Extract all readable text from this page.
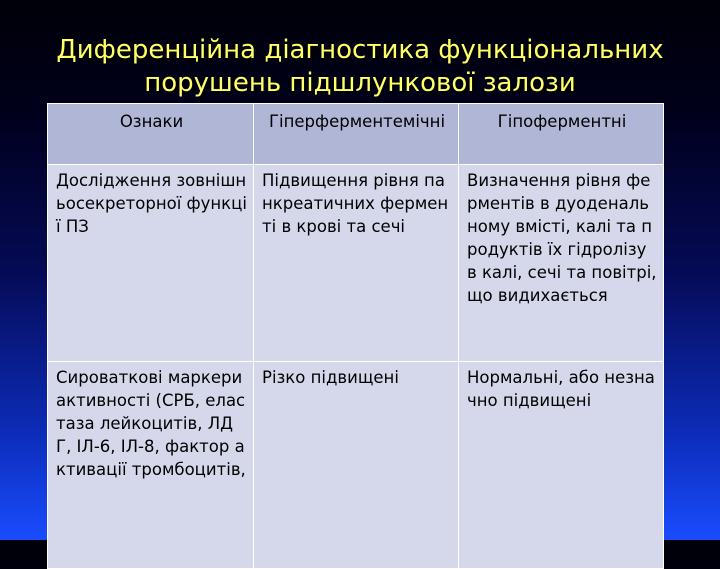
Диференційна діагностика функціональних
порушень підшлункової залози
Ознаки	Гіперферментемічні	Гіпоферментні

Дослідження зовнішньосекреторної функції ПЗ	Підвищення рівня панкреатичних ферменті в крові та сечі	Визначення рівня ферментів в дуоденальному вмісті, калі та продуктів їх гідролізу в калі, сечі та повітрі, що видихається

Сироваткові маркери активності (СРБ, еластаза лейкоцитів, ЛДГ, ІЛ-6, ІЛ-8, фактор активації тромбоцитів,	Різко підвищені	Нормальні, або незначно підвищені
